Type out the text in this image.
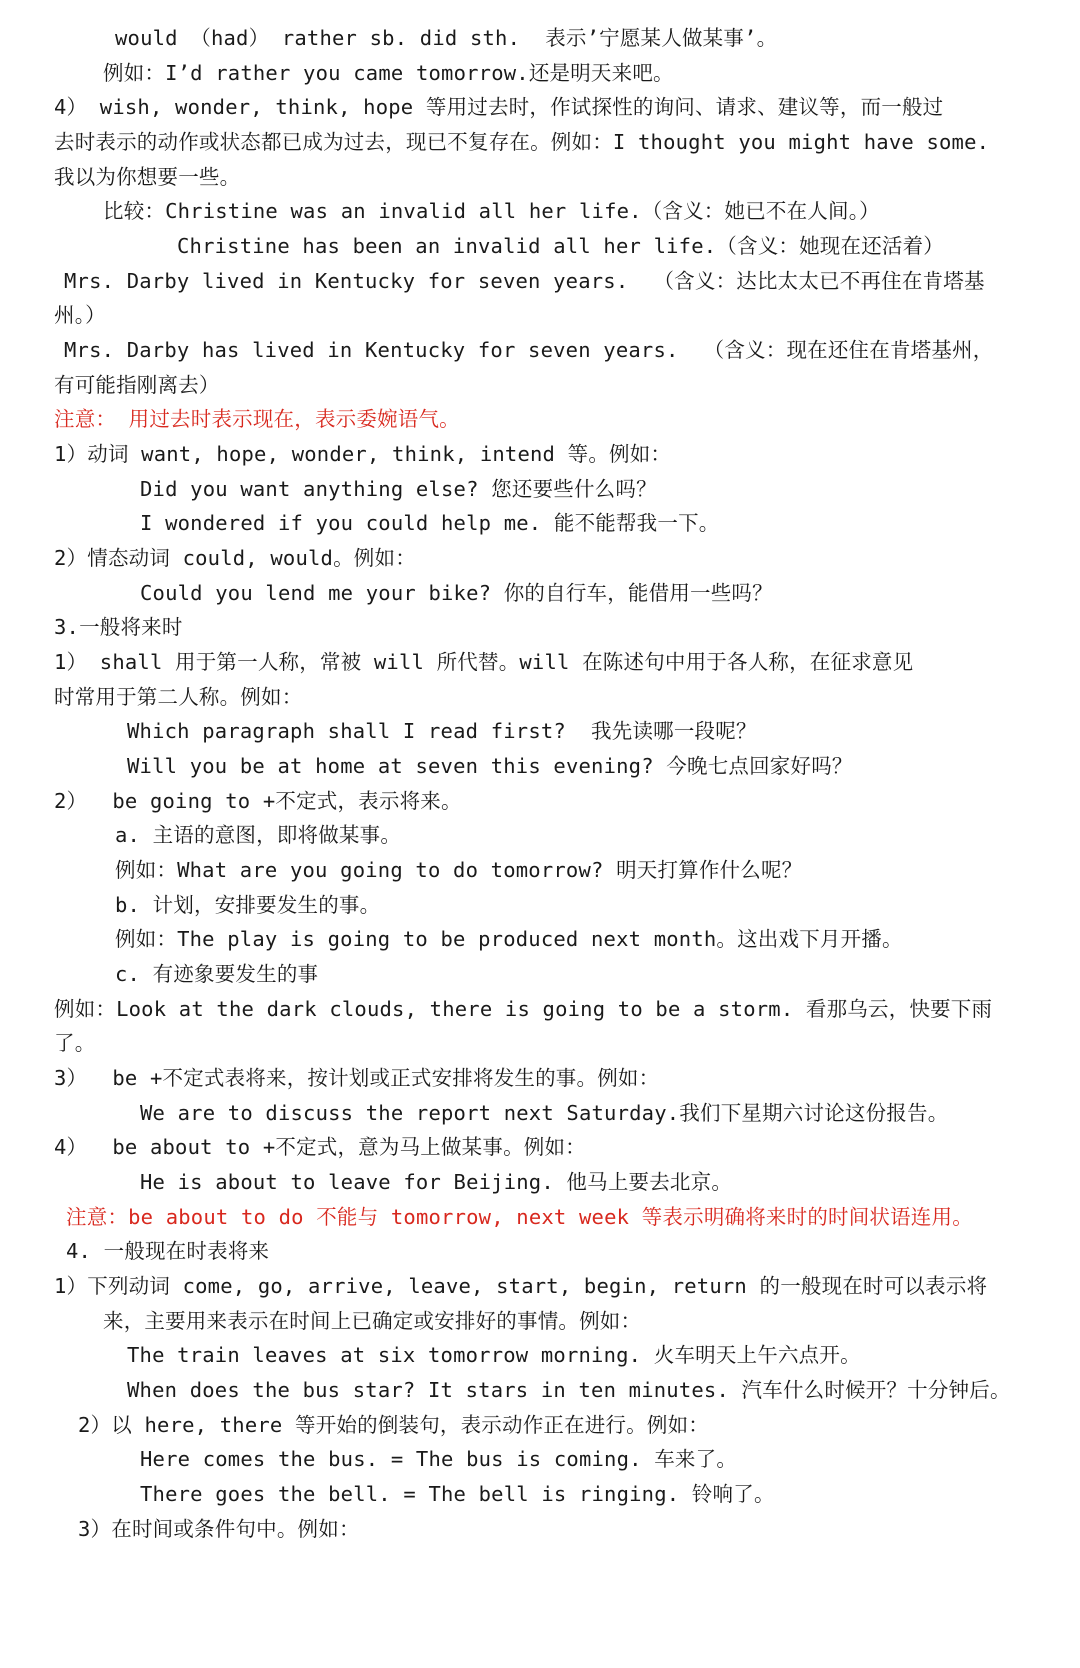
would （had） rather sb. did sth.  表示’宁愿某人做某事’。
例如：I’d rather you came tomorrow.还是明天来吧。
4） wish, wonder, think, hope 等用过去时，作试探性的询问、请求、建议等，而一般过
去时表示的动作或状态都已成为过去，现已不复存在。例如：I thought you might have some.
我以为你想要一些。
比较：Christine was an invalid all her life.（含义：她已不在人间。）
Christine has been an invalid all her life.（含义：她现在还活着）
Mrs. Darby lived in Kentucky for seven years.  （含义：达比太太已不再住在肯塔基
州。）
Mrs. Darby has lived in Kentucky for seven years.  （含义：现在还住在肯塔基州，
有可能指刚离去）
注意： 用过去时表示现在，表示委婉语气。
1）动词 want, hope, wonder, think, intend 等。例如：
Did you want anything else? 您还要些什么吗？
I wondered if you could help me. 能不能帮我一下。
2）情态动词 could, would。例如：
Could you lend me your bike? 你的自行车，能借用一些吗？
3.一般将来时
1） shall 用于第一人称，常被 will 所代替。will 在陈述句中用于各人称，在征求意见
时常用于第二人称。例如：
Which paragraph shall I read first?  我先读哪一段呢？
Will you be at home at seven this evening? 今晚七点回家好吗？
2）  be going to +不定式，表示将来。
a. 主语的意图，即将做某事。
例如：What are you going to do tomorrow? 明天打算作什么呢？
b. 计划，安排要发生的事。
例如：The play is going to be produced next month。这出戏下月开播。
c. 有迹象要发生的事
例如：Look at the dark clouds, there is going to be a storm. 看那乌云，快要下雨
了。
3）  be +不定式表将来，按计划或正式安排将发生的事。例如：
We are to discuss the report next Saturday.我们下星期六讨论这份报告。
4）  be about to +不定式，意为马上做某事。例如：
He is about to leave for Beijing. 他马上要去北京。
注意：be about to do 不能与 tomorrow, next week 等表示明确将来时的时间状语连用。
4. 一般现在时表将来
1）下列动词 come, go, arrive, leave, start, begin, return 的一般现在时可以表示将
来，主要用来表示在时间上已确定或安排好的事情。例如：
The train leaves at six tomorrow morning. 火车明天上午六点开。
When does the bus star? It stars in ten minutes. 汽车什么时候开？十分钟后。
2）以 here, there 等开始的倒装句，表示动作正在进行。例如：
Here comes the bus. = The bus is coming. 车来了。
There goes the bell. = The bell is ringing. 铃响了。
3）在时间或条件句中。例如：
